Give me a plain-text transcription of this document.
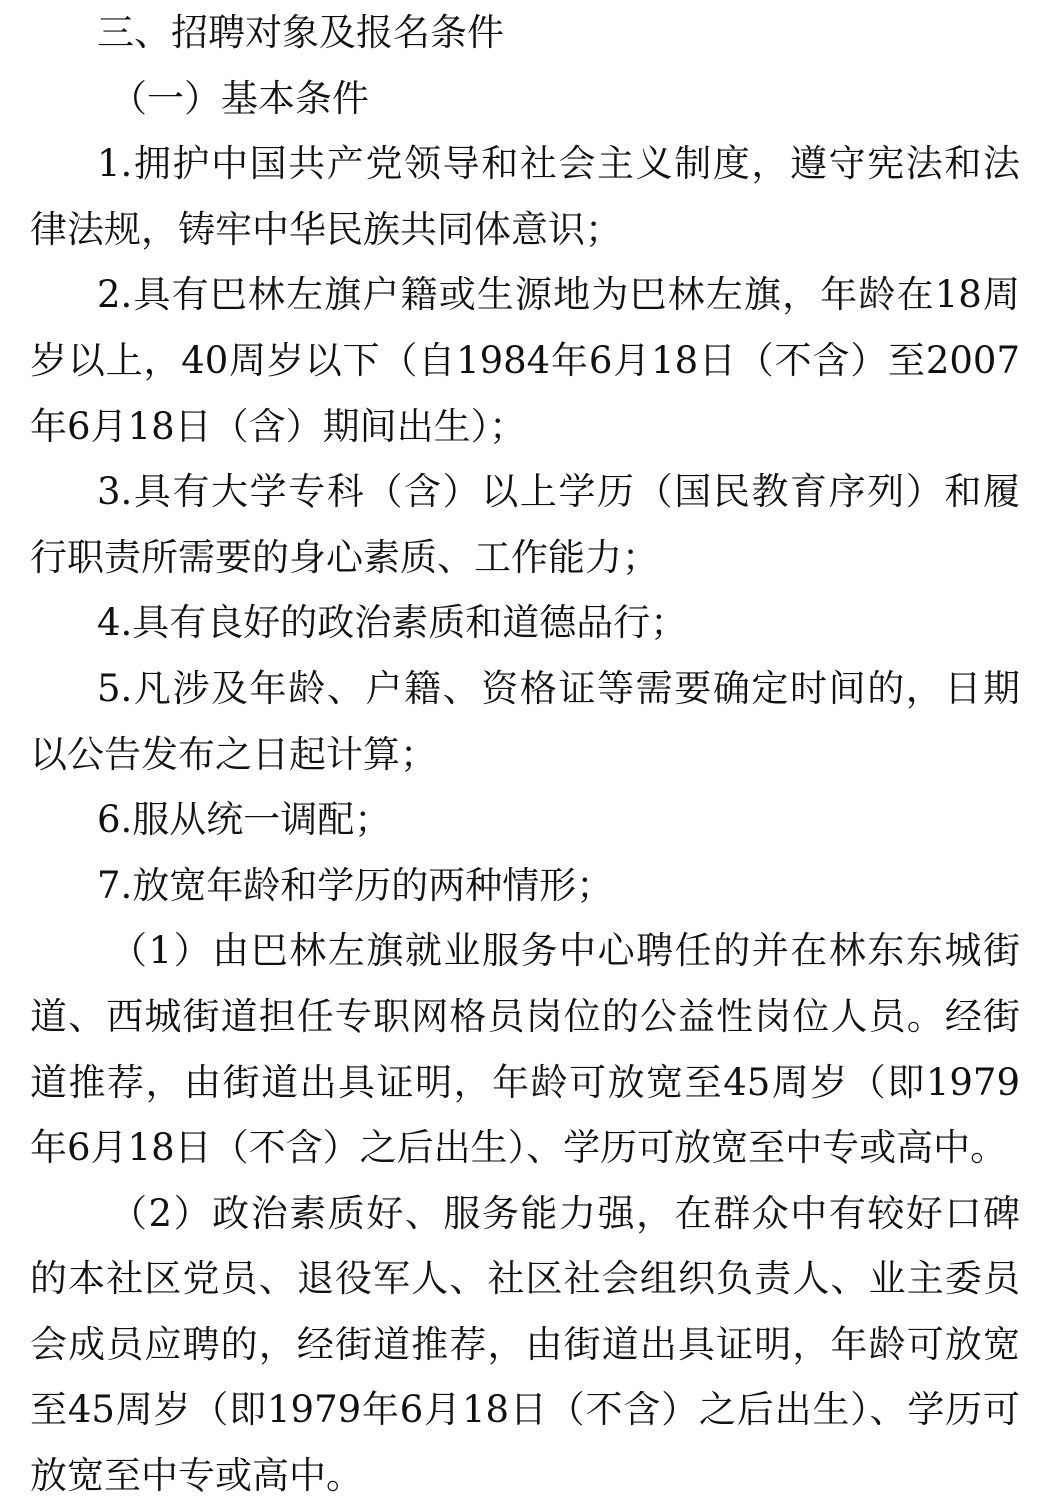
三、招聘对象及报名条件

（一）基本条件

1.拥护中国共产党领导和社会主义制度，遵守宪法和法律法规，铸牢中华民族共同体意识；

2.具有巴林左旗户籍或生源地为巴林左旗，年龄在18周岁以上，40周岁以下（自1984年6月18日（不含）至2007年6月18日（含）期间出生）；

3.具有大学专科（含）以上学历（国民教育序列）和履行职责所需要的身心素质、工作能力；

4.具有良好的政治素质和道德品行；

5.凡涉及年龄、户籍、资格证等需要确定时间的，日期以公告发布之日起计算；

6.服从统一调配；

7.放宽年龄和学历的两种情形；

（1）由巴林左旗就业服务中心聘任的并在林东东城街道、西城街道担任专职网格员岗位的公益性岗位人员。经街道推荐，由街道出具证明，年龄可放宽至45周岁（即1979年6月18日（不含）之后出生）、学历可放宽至中专或高中。

（2）政治素质好、服务能力强，在群众中有较好口碑的本社区党员、退役军人、社区社会组织负责人、业主委员会成员应聘的，经街道推荐，由街道出具证明，年龄可放宽至45周岁（即1979年6月18日（不含）之后出生）、学历可放宽至中专或高中。
